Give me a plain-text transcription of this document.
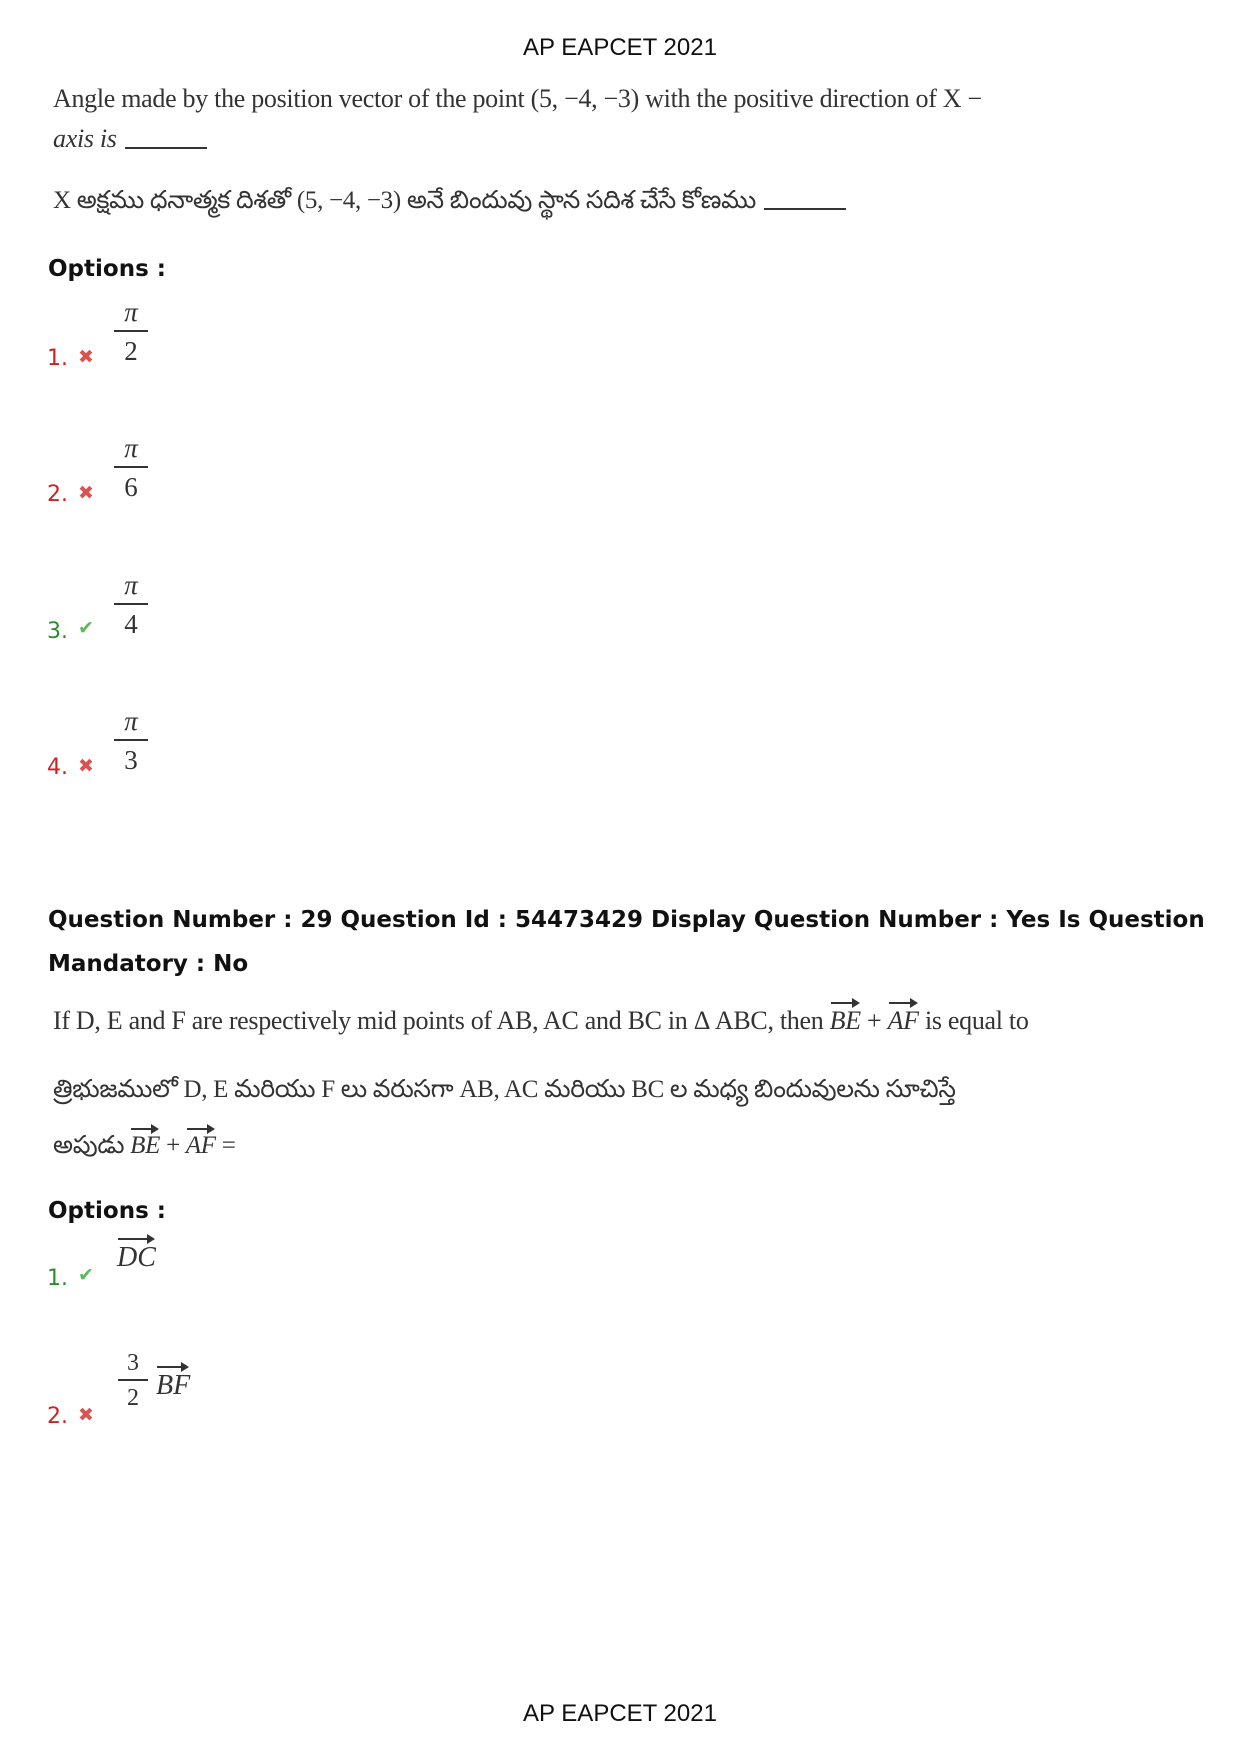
AP EAPCET 2021
Angle made by the position vector of the point (5, −4, −3) with the positive direction of X −
axis is
X అక్షము ధనాత్మక దిశతో (5, −4, −3) అనే బిందువు స్థాన సదిశ చేసే కోణము
Options :
π
2
1. ✖
π
6
2. ✖
π
4
3. ✔
π
3
4. ✖
Question Number : 29 Question Id : 54473429 Display Question Number : Yes Is Question
Mandatory : No
If D, E and F are respectively mid points of AB, AC and BC in Δ ABC, then BE + AF is equal to
త్రిభుజములో D, E మరియు F లు వరుసగా AB, AC మరియు BC ల మధ్య బిందువులను సూచిస్తే
అపుడు BE + AF =
Options :
DC
1. ✔
3
2 BF
2. ✖
AP EAPCET 2021
